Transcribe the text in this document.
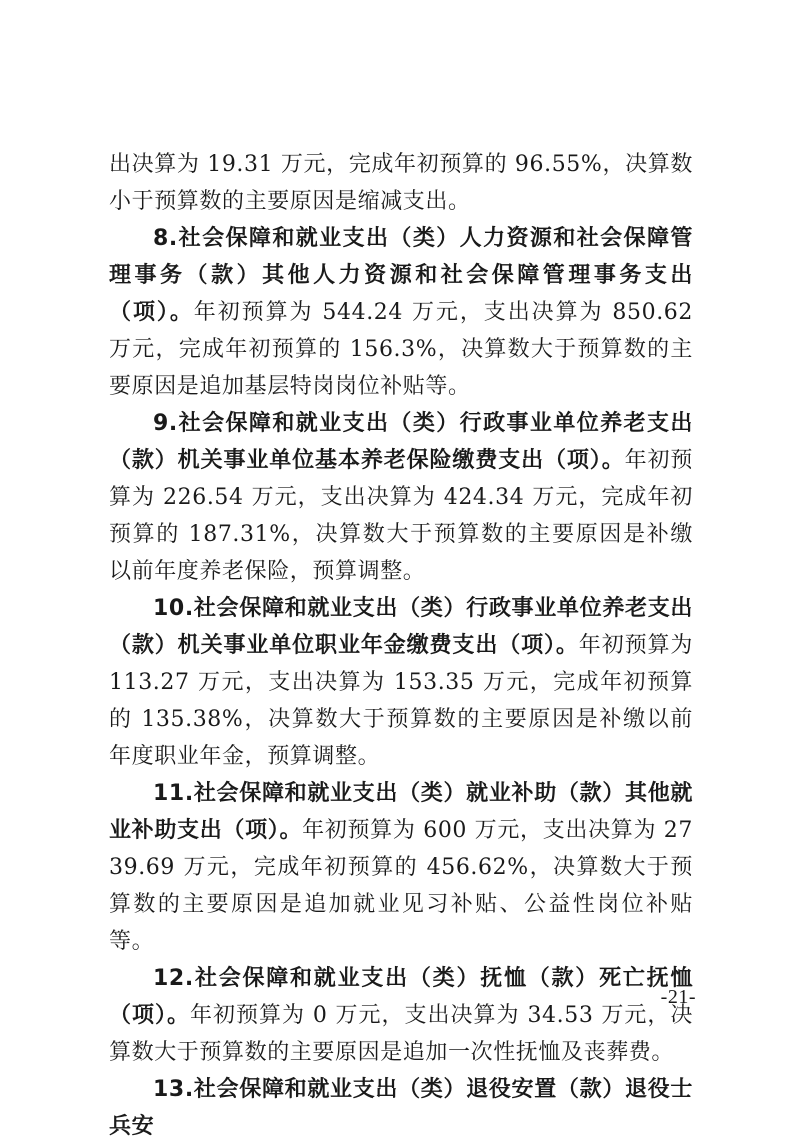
出决算为 19.31 万元，完成年初预算的 96.55%，决算数小于预算数的主要原因是缩减支出。

8.社会保障和就业支出（类）人力资源和社会保障管理事务（款）其他人力资源和社会保障管理事务支出（项）。年初预算为 544.24 万元，支出决算为 850.62 万元，完成年初预算的 156.3%，决算数大于预算数的主要原因是追加基层特岗岗位补贴等。

9.社会保障和就业支出（类）行政事业单位养老支出（款）机关事业单位基本养老保险缴费支出（项）。年初预算为 226.54 万元，支出决算为 424.34 万元，完成年初预算的 187.31%，决算数大于预算数的主要原因是补缴以前年度养老保险，预算调整。

10.社会保障和就业支出（类）行政事业单位养老支出（款）机关事业单位职业年金缴费支出（项）。年初预算为 113.27 万元，支出决算为 153.35 万元，完成年初预算的 135.38%，决算数大于预算数的主要原因是补缴以前年度职业年金，预算调整。

11.社会保障和就业支出（类）就业补助（款）其他就业补助支出（项）。年初预算为 600 万元，支出决算为 2739.69 万元，完成年初预算的 456.62%，决算数大于预算数的主要原因是追加就业见习补贴、公益性岗位补贴等。

12.社会保障和就业支出（类）抚恤（款）死亡抚恤（项）。年初预算为 0 万元，支出决算为 34.53 万元，决算数大于预算数的主要原因是追加一次性抚恤及丧葬费。

13.社会保障和就业支出（类）退役安置（款）退役士兵安

-21-
